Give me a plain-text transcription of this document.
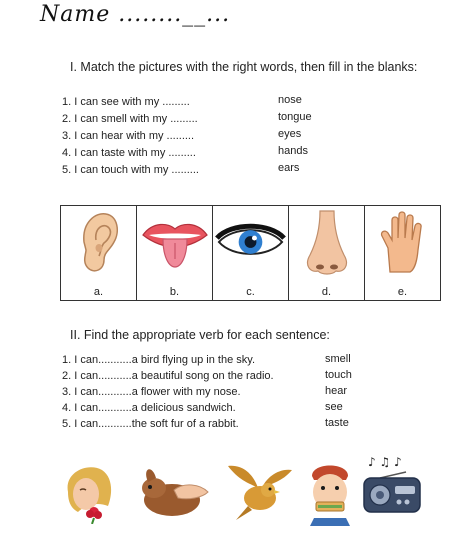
Name ........__...
I. Match the pictures with the right words, then fill in the blanks:
1. I can see with my .........
2. I can smell with my .........
3. I can hear with my .........
4. I can taste with my .........
5. I can touch with my .........
nose
tongue
eyes
hands
ears
a.	b.	c.	d.	e.
II. Find the appropriate verb for each sentence:
1. I can...........a bird flying up in the sky.
2. I can...........a beautiful song on the radio.
3. I can...........a flower with my nose.
4. I can...........a delicious sandwich.
5. I can...........the soft fur of a rabbit.
smell
touch
hear
see
taste
♪ ♫ ♪
